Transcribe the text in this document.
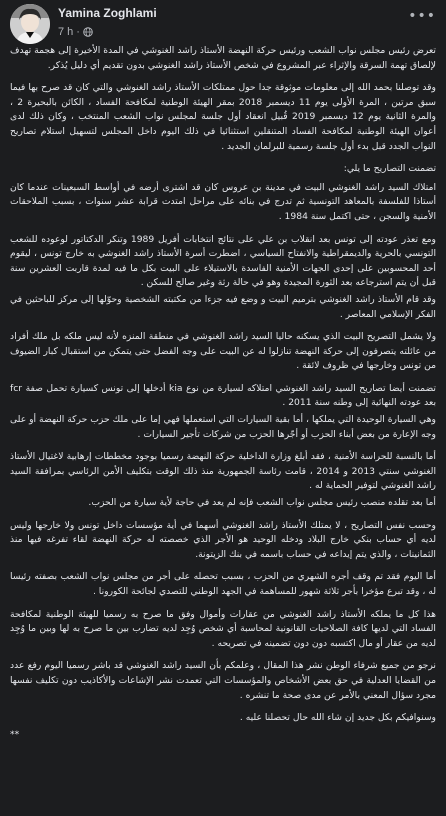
Yamina Zoghlami
7 h ·
•••

تعرض رئيس مجلس نواب الشعب ورئيس حركة النهضة الأستاذ راشد الغنوشي في المدة الأخيرة إلى هجمة تهدف لإلصاق تهمة السرقة والإثراء عبر المشروع في شخص الأستاذ راشد الغنوشي بدون تقديم أي دليل يُذكر.

وقد توصلنا بحمد الله إلى معلومات موثوقة جدا حول ممتلكات الأستاذ راشد الغنوشي والتي كان قد صرح بها فيما سبق مرتين ، المرة الأولى يوم 11 ديسمبر 2018 بمقر الهيئة الوطنية لمكافحة الفساد ، الكائن بالبحيرة 2 ، والمرة الثانية يوم 12 ديسمبر 2019 قُبيل انعقاد أول جلسة لمجلس نواب الشعب المنتخب ، وكان ذلك لدى أعوان الهيئة الوطنية لمكافحة الفساد المتنقلين استثنائيا في ذلك اليوم داخل المجلس لتسهيل استلام تصاريح النواب الجدد قبل بدء أول جلسة رسمية للبرلمان الجديد .

تضمنت التصاريح ما يلي:

امتلاك السيد راشد الغنوشي البيت في مدينة بن عروس كان قد اشترى أرضه في أواسط السبعينات عندما كان أستاذا للفلسفة بالمعاهد التونسية ثم تدرج في بنائه على مراحل امتدت قرابة عشر سنوات ، بسبب الملاحقات الأمنية والسجن ، حتى اكتمل سنة 1984 .

ومع تعذر عودته إلى تونس بعد انقلاب بن علي على نتائج انتخابات أفريل 1989 وتنكر الدكتاتور لوعوده للشعب التونسي بالحرية والديمقراطية والانفتاح السياسي ، اضطرت أسرة الأستاذ راشد الغنوشي به خارج تونس ، ليقوم أحد المحسوبين على إحدى الجهات الأمنية الفاسدة بالاستيلاء على البيت بكل ما فيه لمدة قاربت العشرين سنة قبل أن يتم استرجاعه بعد الثورة المجيدة وهو في حالة رثة وغير صالح للسكن .

وقد قام الأستاذ راشد الغنوشي بترميم البيت و وضع فيه جزءا من مكتبته الشخصية وحوّلها إلى مركز للباحثين في الفكر الإسلامي المعاصر .

ولا يشمل التصريح البيت الذي يسكنه حاليا السيد راشد الغنوشي في منطقة المنزه لأنه ليس ملكه بل ملك أفراد من عائلته يتصرفون إلى حركة النهضة تنازلوا له عن البيت على وجه الفضل حتى يتمكن من استقبال كبار الضيوف من تونس وخارجها في ظروف لائقة .

تضمنت أيضا تصاريح السيد راشد الغنوشي امتلاكه لسيارة من نوع kia أدخلها إلى تونس كسيارة تحمل صفة fcr بعد عودته النهائية إلى وطنه سنة 2011 .

وهي السيارة الوحيدة التي يملكها ، أما بقية السيارات التي استعملها فهي إما على ملك حزب حركة النهضة أو على وجه الإعارة من بعض أبناء الحزب أو أجّرها الحزب من شركات تأجير السيارات .

أما بالنسبة للحراسة الأمنية ، فقد أبلغ وزارة الداخلية حركة النهضة رسميا بوجود مخططات إرهابية لاغتيال الأستاذ الغنوشي سنتي 2013 و 2014 ، قامت رئاسة الجمهورية منذ ذلك الوقت بتكليف الأمن الرئاسي بمرافقة السيد راشد الغنوشي لتوفير الحماية له .

أما بعد تقلده منصب رئيس مجلس نواب الشعب فإنه لم يعد في حاجة لأية سيارة من الحزب.

وحسب نفس التصاريح ، لا يمتلك الأستاذ راشد الغنوشي أسهما في أية مؤسسات داخل تونس ولا خارجها وليس لديه أي حساب بنكي خارج البلاد ودخله الوحيد هو الأجر الذي خصصته له حركة النهضة لقاء تفرغه فيها منذ الثمانينات ، والذي يتم إيداعه في حساب باسمه في بنك الزيتونة.

أما اليوم فقد تم وقف أجره الشهري من الحزب ، بسبب تحصله على أجر من مجلس نواب الشعب بصفته رئيسا له ، وقد تبرع مؤخرا بأجر ثلاثة شهور للمساهمة في الجهد الوطني للتصدي لجائحة الكورونا .

هذا كل ما يملكه الأستاذ راشد الغنوشي من عقارات وأموال وفق ما صرح به رسميا للهيئة الوطنية لمكافحة الفساد التي لديها كافة الصلاحيات القانونية لمحاسبة أي شخص وُجِد لديه تضارب بين ما صرح به لها وبين ما وُجِد لديه من عقار أو مال اكتسبه دون دون تضمينه في تصريحه .

نرجو من جميع شرفاء الوطن نشر هذا المقال ، وعلمكم بأن السيد راشد الغنوشي قد باشر رسميا اليوم رفع عدد من القضايا العدلية في حق بعض الأشخاص والمؤسسات التي تعمدت نشر الإشاعات والأكاذيب دون تكليف نفسها مجرد سؤال المعني بالأمر عن مدى صحة ما تنشره .

وسنوافيكم بكل جديد إن شاء الله حال تحصلنا عليه .

**
